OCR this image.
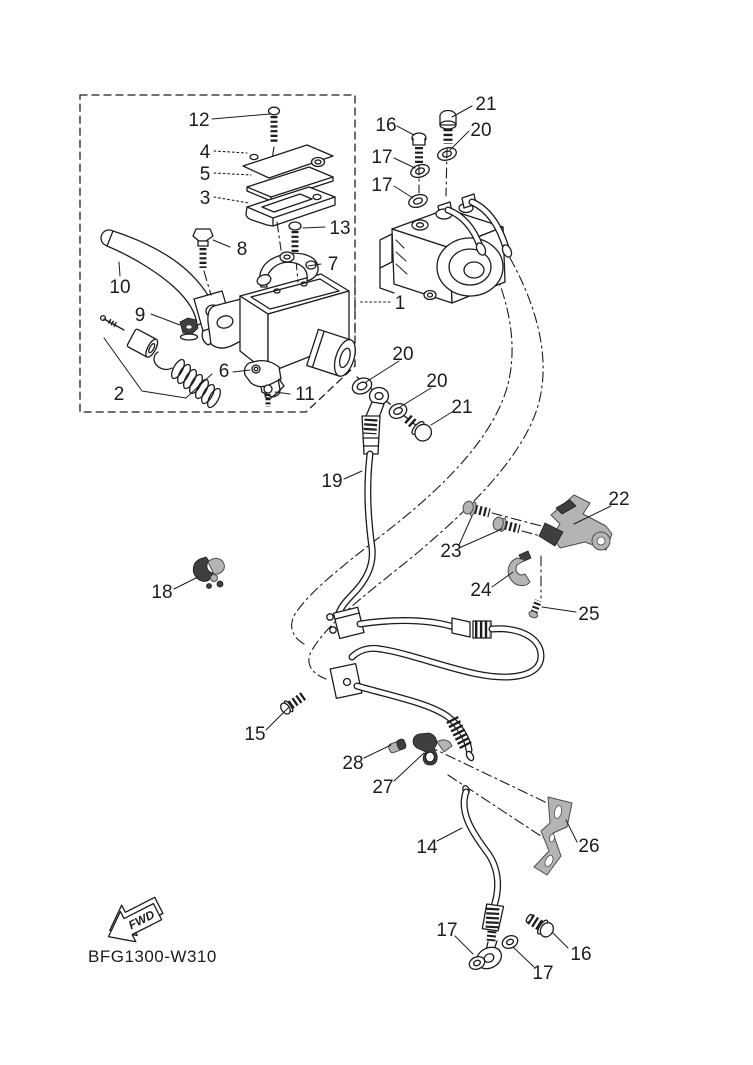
FWD
BFG1300-W310
12
4
5
3
13
8
7
10
9
2
6
11
1
16
17
17
21
20
20
20
21
19
18
22
23
24
25
15
28
27
14	26
17
16
17
